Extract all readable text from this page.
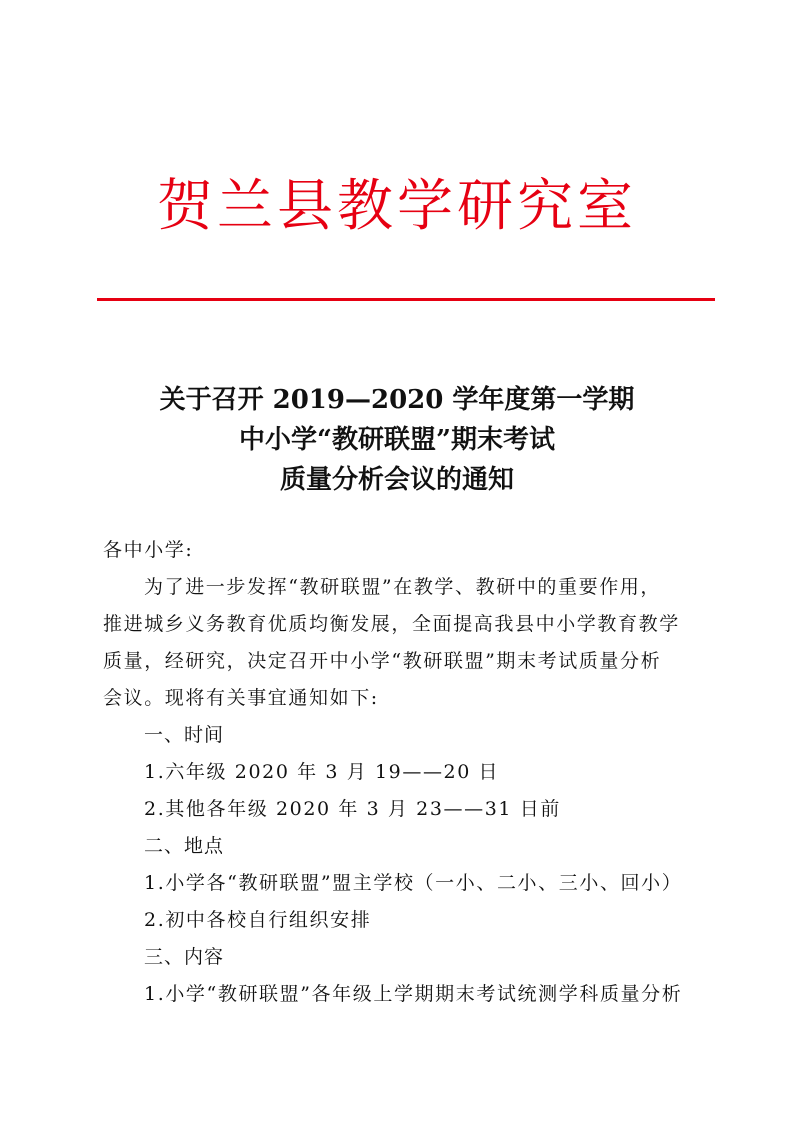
贺兰县教学研究室
关于召开 2019—2020 学年度第一学期
中小学“教研联盟”期末考试
质量分析会议的通知
各中小学:
为了进一步发挥“教研联盟”在教学、教研中的重要作用，
推进城乡义务教育优质均衡发展，全面提高我县中小学教育教学
质量，经研究，决定召开中小学“教研联盟”期末考试质量分析
会议。现将有关事宜通知如下:
一、时间
1.六年级 2020 年 3 月 19——20 日
2.其他各年级 2020 年 3 月 23——31 日前
二、地点
1.小学各“教研联盟”盟主学校（一小、二小、三小、回小）
2.初中各校自行组织安排
三、内容
1.小学“教研联盟”各年级上学期期末考试统测学科质量分析
